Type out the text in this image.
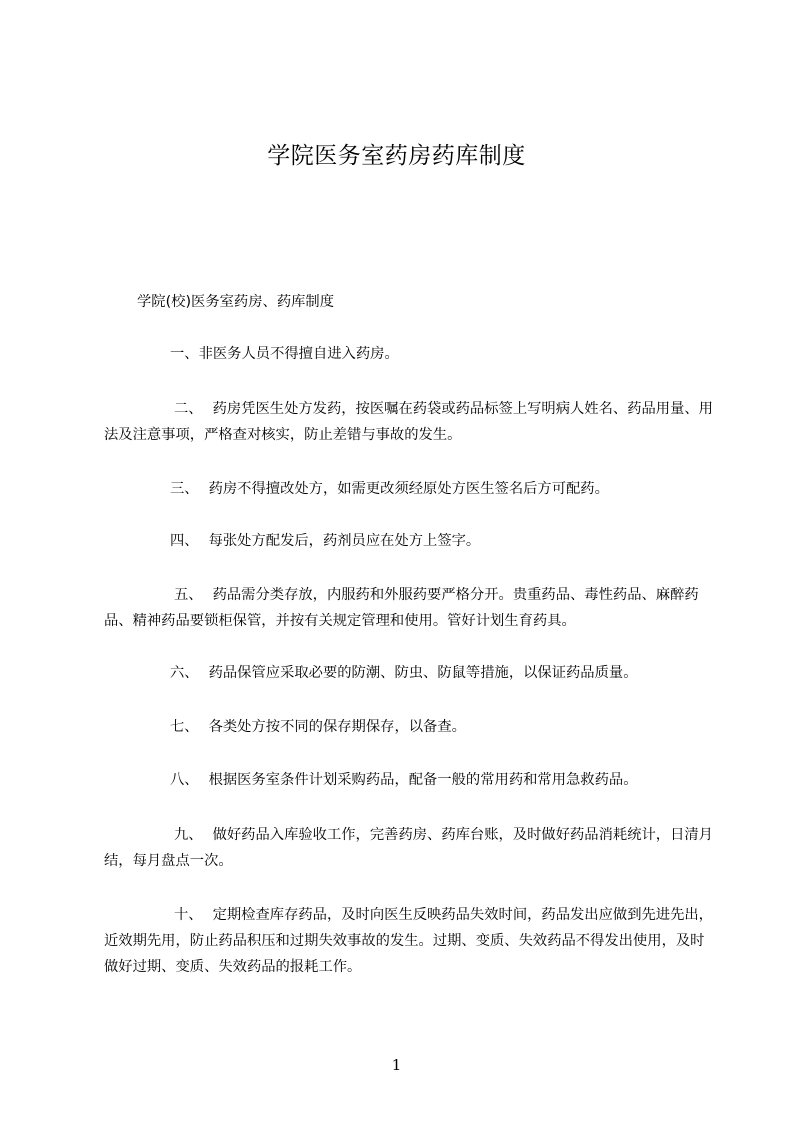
学院医务室药房药库制度

学院(校)医务室药房、药库制度

一、非医务人员不得擅自进入药房。

二、 药房凭医生处方发药，按医嘱在药袋或药品标签上写明病人姓名、药品用量、用法及注意事项，严格查对核实，防止差错与事故的发生。

三、 药房不得擅改处方，如需更改须经原处方医生签名后方可配药。

四、 每张处方配发后，药剂员应在处方上签字。

五、 药品需分类存放，内服药和外服药要严格分开。贵重药品、毒性药品、麻醉药品、精神药品要锁柜保管，并按有关规定管理和使用。管好计划生育药具。

六、 药品保管应采取必要的防潮、防虫、防鼠等措施，以保证药品质量。

七、 各类处方按不同的保存期保存，以备查。

八、 根据医务室条件计划采购药品，配备一般的常用药和常用急救药品。

九、 做好药品入库验收工作，完善药房、药库台账，及时做好药品消耗统计，日清月结，每月盘点一次。

十、 定期检查库存药品，及时向医生反映药品失效时间，药品发出应做到先进先出，近效期先用，防止药品积压和过期失效事故的发生。过期、变质、失效药品不得发出使用，及时做好过期、变质、失效药品的报耗工作。

1
